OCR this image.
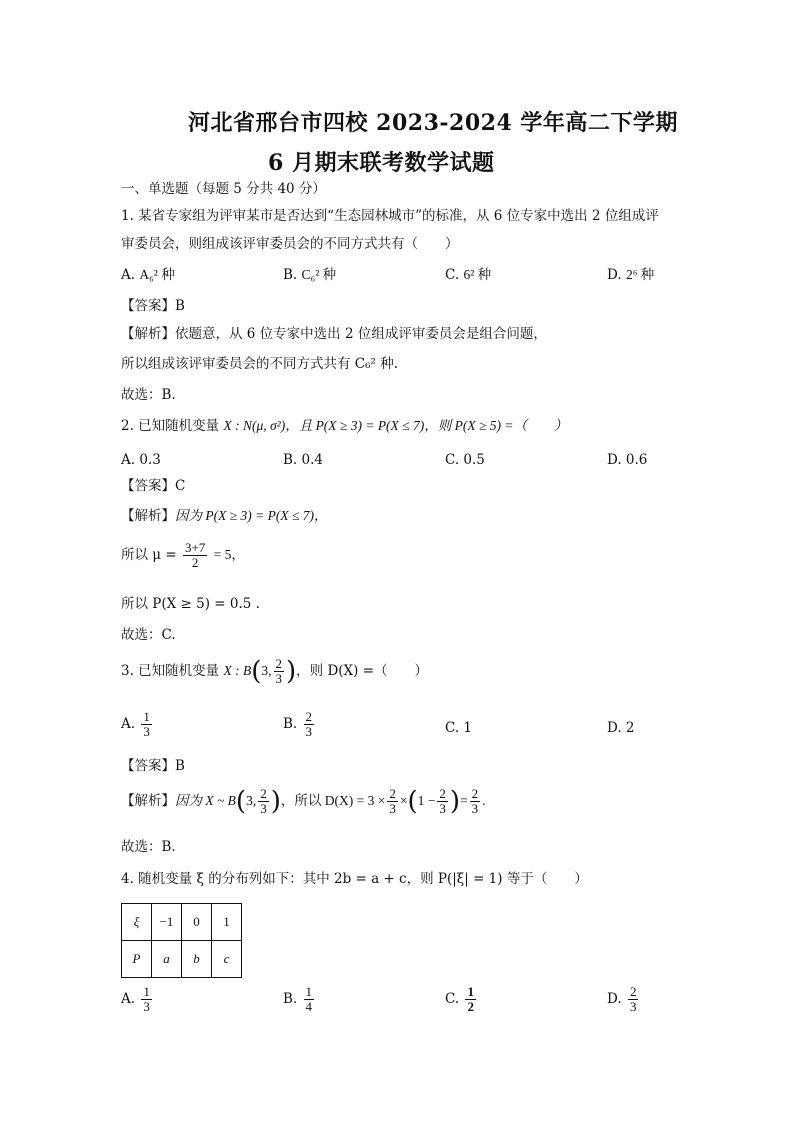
河北省邢台市四校 2023-2024 学年高二下学期
6 月期末联考数学试题
一、单选题（每题 5 分共 40 分）
1. 某省专家组为评审某市是否达到“生态园林城市”的标准，从 6 位专家中选出 2 位组成评
审委员会，则组成该评审委员会的不同方式共有（　　）
A. A₆² 种	B. C₆² 种	C. 6² 种	D. 2⁶ 种
【答案】B
【解析】依题意，从 6 位专家中选出 2 位组成评审委员会是组合问题，
所以组成该评审委员会的不同方式共有 C₆² 种.
故选：B.
2. 已知随机变量 X : N(μ, σ²)，且 P(X ≥ 3) = P(X ≤ 7)，则 P(X ≥ 5) =（　　）
A. 0.3	B. 0.4	C. 0.5	D. 0.6
【答案】C
【解析】因为 P(X ≥ 3) = P(X ≤ 7)，
所以 $\mu = \frac{3+7}{2} = 5$，
所以 P(X ≥ 5) = 0.5 .
故选：C.
3. 已知随机变量 X : B(3, $\frac{2}{3}$ )，则 D(X) =（　　）
A. $\frac{1}{3}$	B. $\frac{2}{3}$	C. 1	D. 2
【答案】B
【解析】因为 X ~ B(3, $\frac{2}{3}$ )，所以 $D(X) = 3 \times \frac{2}{3} \times(1 - \frac{2}{3}$ )= $\frac{2}{3}$ .
故选：B.
4. 随机变量 ξ 的分布列如下：其中 2b = a + c，则 P(|ξ| = 1) 等于（　　）
ξ	−1	0	1
P	a	b	c
A. $\frac{1}{3}$	B. $\frac{1}{4}$	C. $\frac{1}{2}$	D. $\frac{2}{3}$
